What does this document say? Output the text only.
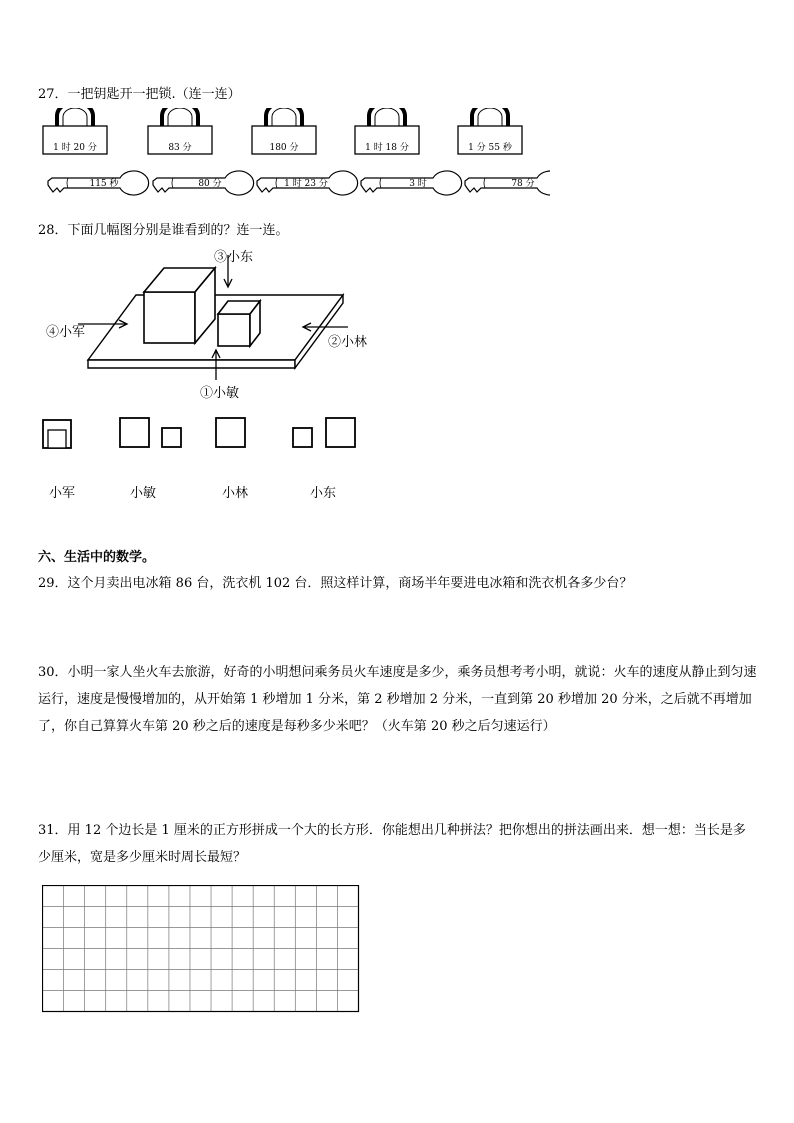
27．一把钥匙开一把锁.（连一连）
1 时 20 分	83 分	180 分	1 时 18 分	1 分 55 秒
115 秒	80 分	1 时 23 分	3 时	78 分
28．下面几幅图分别是谁看到的？连一连。
③小东
④小军
②小林
①小敏
小军	小敏	小林	小东
六、生活中的数学。
29．这个月卖出电冰箱 86 台，洗衣机 102 台．照这样计算，商场半年要进电冰箱和洗衣机各多少台？
30．小明一家人坐火车去旅游，好奇的小明想问乘务员火车速度是多少，乘务员想考考小明，就说：火车的速度从静止到匀速运行，速度是慢慢增加的，从开始第 1 秒增加 1 分米，第 2 秒增加 2 分米，一直到第 20 秒增加 20 分米，之后就不再增加了，你自己算算火车第 20 秒之后的速度是每秒多少米吧？（火车第 20 秒之后匀速运行）
31．用 12 个边长是 1 厘米的正方形拼成一个大的长方形．你能想出几种拼法？把你想出的拼法画出来．想一想：当长是多少厘米，宽是多少厘米时周长最短？
